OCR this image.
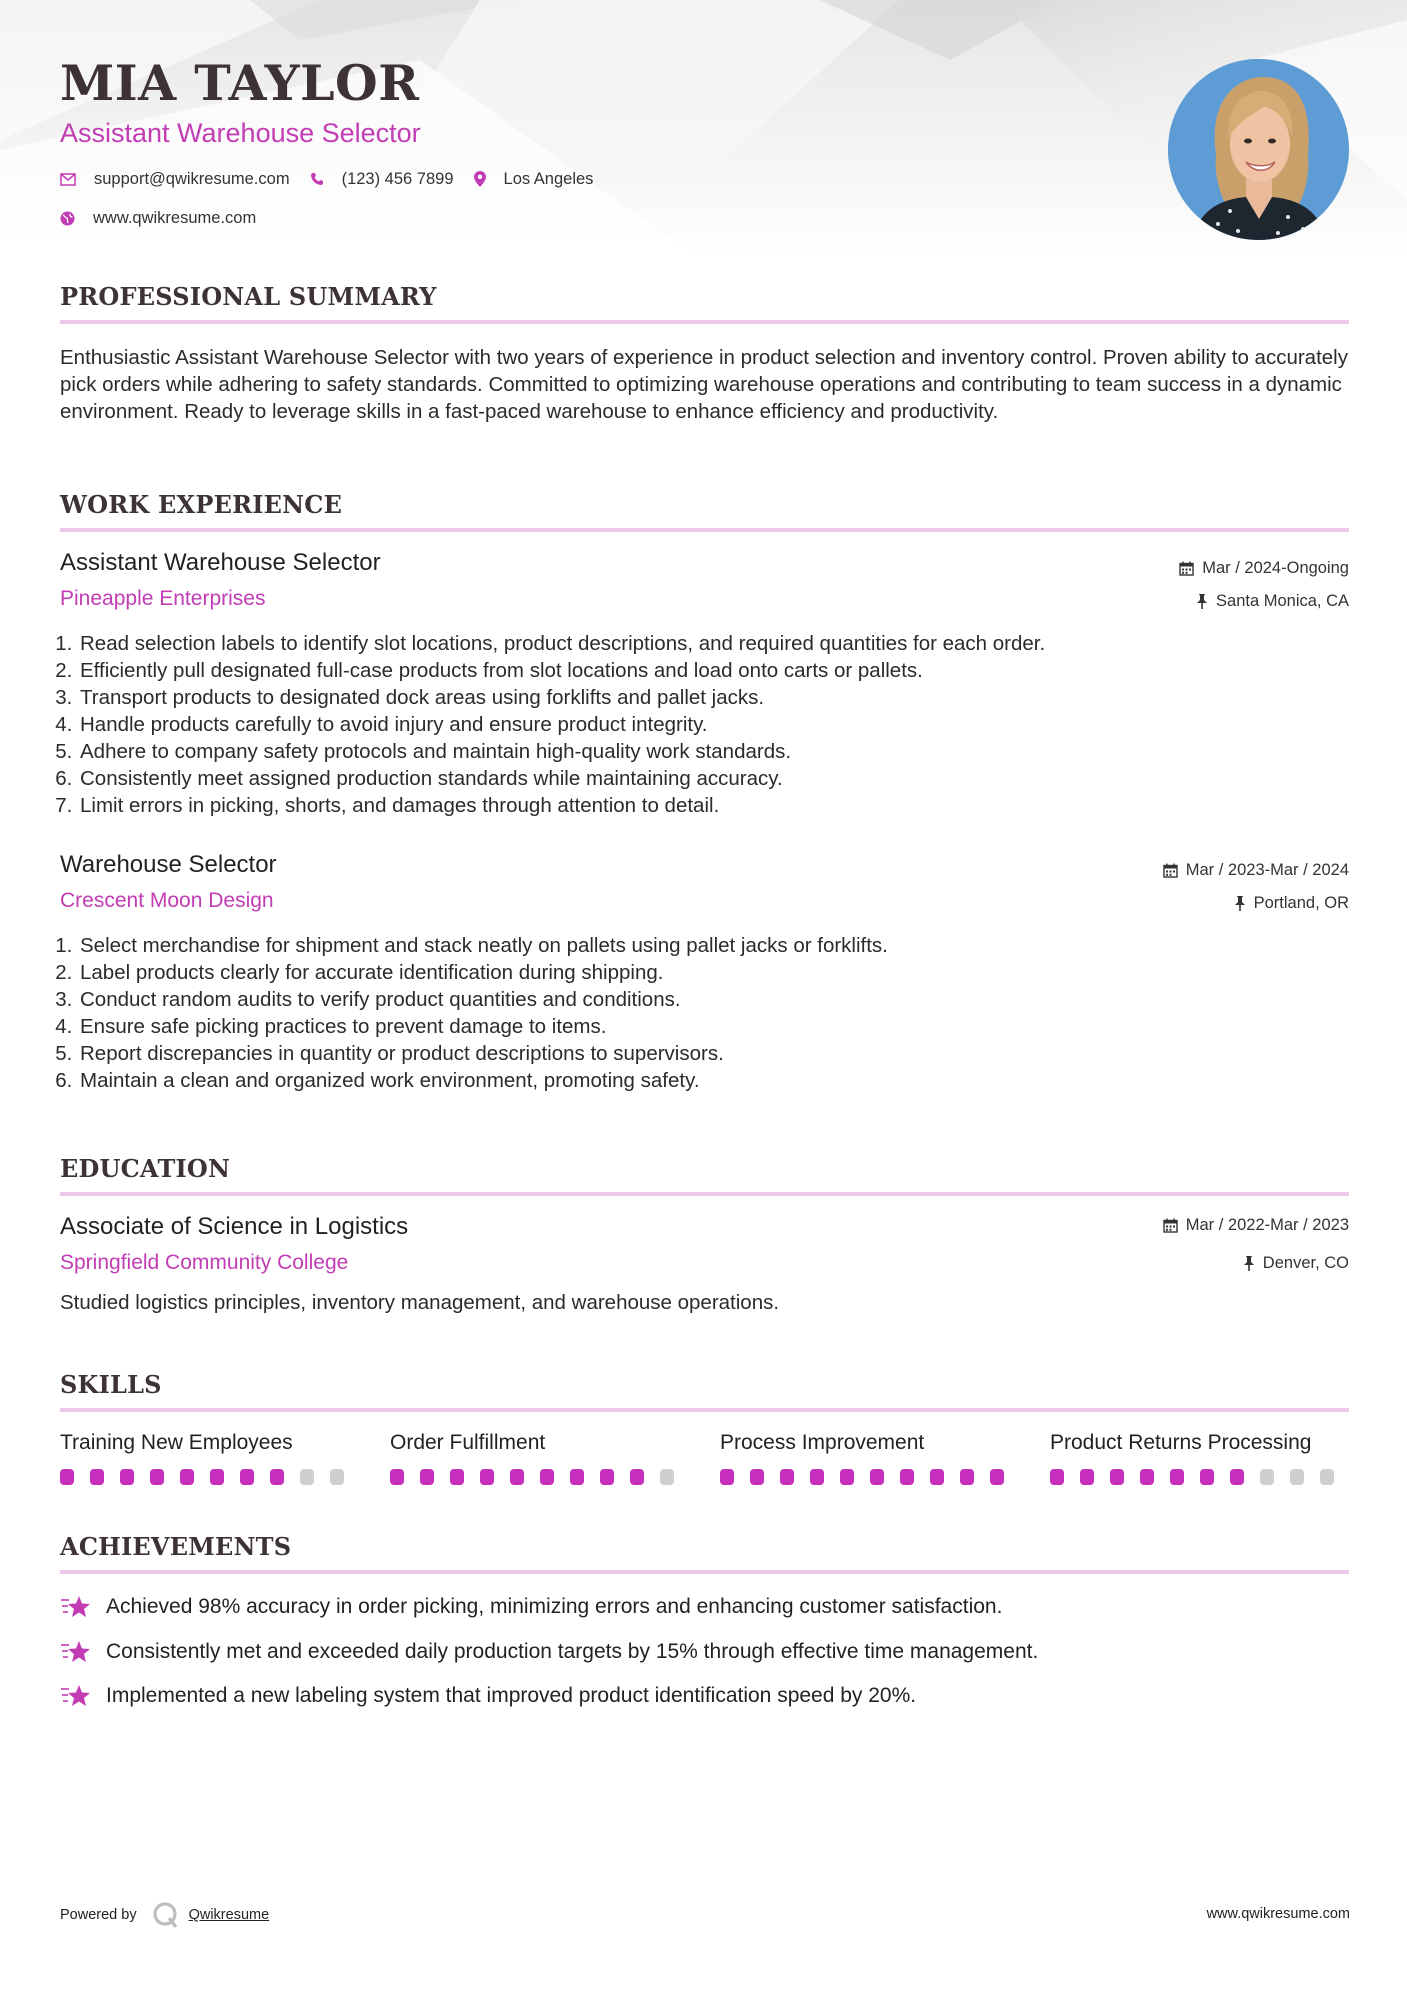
MIA TAYLOR
Assistant Warehouse Selector
support@qwikresume.com	(123) 456 7899	Los Angeles
www.qwikresume.com
PROFESSIONAL SUMMARY
Enthusiastic Assistant Warehouse Selector with two years of experience in product selection and inventory control. Proven ability to accurately pick orders while adhering to safety standards. Committed to optimizing warehouse operations and contributing to team success in a dynamic environment. Ready to leverage skills in a fast-paced warehouse to enhance efficiency and productivity.
WORK EXPERIENCE
Assistant Warehouse Selector	Mar / 2024-Ongoing
Pineapple Enterprises	Santa Monica, CA
1. Read selection labels to identify slot locations, product descriptions, and required quantities for each order.
2. Efficiently pull designated full-case products from slot locations and load onto carts or pallets.
3. Transport products to designated dock areas using forklifts and pallet jacks.
4. Handle products carefully to avoid injury and ensure product integrity.
5. Adhere to company safety protocols and maintain high-quality work standards.
6. Consistently meet assigned production standards while maintaining accuracy.
7. Limit errors in picking, shorts, and damages through attention to detail.
Warehouse Selector	Mar / 2023-Mar / 2024
Crescent Moon Design	Portland, OR
1. Select merchandise for shipment and stack neatly on pallets using pallet jacks or forklifts.
2. Label products clearly for accurate identification during shipping.
3. Conduct random audits to verify product quantities and conditions.
4. Ensure safe picking practices to prevent damage to items.
5. Report discrepancies in quantity or product descriptions to supervisors.
6. Maintain a clean and organized work environment, promoting safety.
EDUCATION
Associate of Science in Logistics	Mar / 2022-Mar / 2023
Springfield Community College	Denver, CO
Studied logistics principles, inventory management, and warehouse operations.
SKILLS
Training New Employees	Order Fulfillment	Process Improvement	Product Returns Processing
ACHIEVEMENTS
Achieved 98% accuracy in order picking, minimizing errors and enhancing customer satisfaction.
Consistently met and exceeded daily production targets by 15% through effective time management.
Implemented a new labeling system that improved product identification speed by 20%.
Powered by	Qwikresume	www.qwikresume.com
